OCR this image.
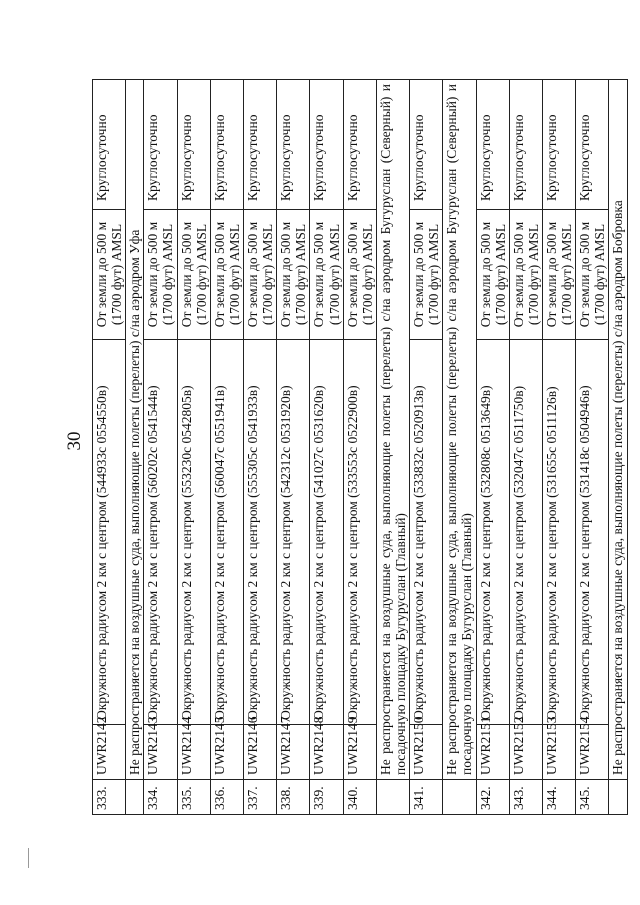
30
333.	UWR2142	Окружность радиусом 2 км с центром (544933с 0554550в)	От земли до 500 м (1700 фут) AMSL	Круглосуточно
	Не распространяется на воздушные суда, выполняющие полеты (перелеты) с/на аэродром Уфа			
334.	UWR2143	Окружность радиусом 2 км с центром (560202с 0541544в)	От земли до 500 м (1700 фут) AMSL	Круглосуточно
335.	UWR2144	Окружность радиусом 2 км с центром (553230с 0542805в)	От земли до 500 м (1700 фут) AMSL	Круглосуточно
336.	UWR2145	Окружность радиусом 2 км с центром (560047с 0551941в)	От земли до 500 м (1700 фут) AMSL	Круглосуточно
337.	UWR2146	Окружность радиусом 2 км с центром (555305с 0541933в)	От земли до 500 м (1700 фут) AMSL	Круглосуточно
338.	UWR2147	Окружность радиусом 2 км с центром (542312с 0531920в)	От земли до 500 м (1700 фут) AMSL	Круглосуточно
339.	UWR2148	Окружность радиусом 2 км с центром (541027с 0531620в)	От земли до 500 м (1700 фут) AMSL	Круглосуточно
340.	UWR2149	Окружность радиусом 2 км с центром (533553с 0522900в)	От земли до 500 м (1700 фут) AMSL	Круглосуточно
	Не распространяется на воздушные суда, выполняющие полеты (перелеты) с/на аэродром Бугуруслан (Северный) и посадочную площадку Бугуруслан (Главный)			
341.	UWR2150	Окружность радиусом 2 км с центром (533832с 0520913в)	От земли до 500 м (1700 фут) AMSL	Круглосуточно
	Не распространяется на воздушные суда, выполняющие полеты (перелеты) с/на аэродром Бугуруслан (Северный) и посадочную площадку Бугуруслан (Главный)			
342.	UWR2151	Окружность радиусом 2 км с центром (532808с 0513649в)	От земли до 500 м (1700 фут) AMSL	Круглосуточно
343.	UWR2152	Окружность радиусом 2 км с центром (532047с 0511750в)	От земли до 500 м (1700 фут) AMSL	Круглосуточно
344.	UWR2153	Окружность радиусом 2 км с центром (531655с 0511126в)	От земли до 500 м (1700 фут) AMSL	Круглосуточно
345.	UWR2154	Окружность радиусом 2 км с центром (531418с 0504946в)	От земли до 500 м (1700 фут) AMSL	Круглосуточно
	Не распространяется на воздушные суда, выполняющие полеты (перелеты) с/на аэродром Бобровка			
